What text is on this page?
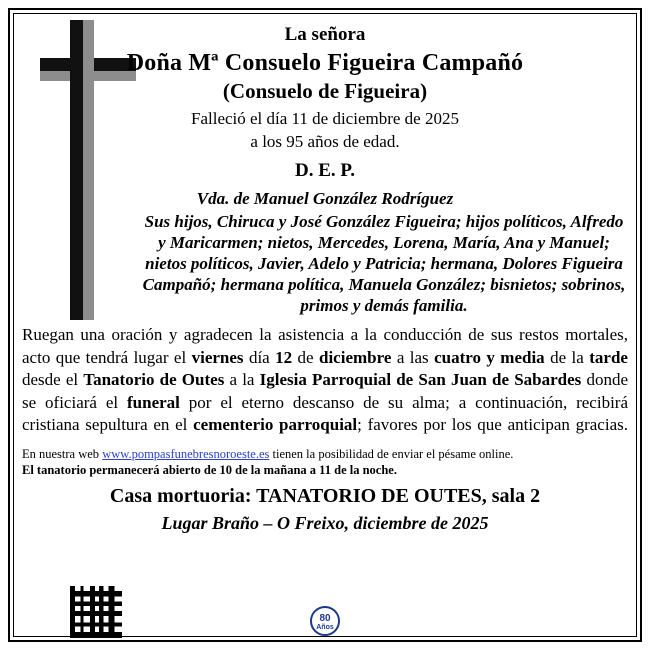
La señora
Doña Mª Consuelo Figueira Campañó
(Consuelo de Figueira)
Falleció el día 11 de diciembre de 2025
a los 95 años de edad.
D. E. P.
Vda. de Manuel González Rodríguez
Sus hijos, Chiruca y José González Figueira; hijos políticos, Alfredo y Maricarmen; nietos, Mercedes, Lorena, María, Ana y Manuel; nietos políticos, Javier, Adelo y Patricia; hermana, Dolores Figueira Campañó; hermana política, Manuela González; bisnietos; sobrinos, primos y demás familia.
Ruegan una oración y agradecen la asistencia a la conducción de sus restos mortales, acto que tendrá lugar el viernes día 12 de diciembre a las cuatro y media de la tarde desde el Tanatorio de Outes a la Iglesia Parroquial de San Juan de Sabardes donde se oficiará el funeral por el eterno descanso de su alma; a continuación, recibirá cristiana sepultura en el cementerio parroquial; favores por los que anticipan gracias.
En nuestra web www.pompasfunebresnoroeste.es tienen la posibilidad de enviar el pésame online.
El tanatorio permanecerá abierto de 10 de la mañana a 11 de la noche.
Casa mortuoria: TANATORIO DE OUTES, sala 2
Lugar Braño – O Freixo, diciembre de 2025
80
Años
